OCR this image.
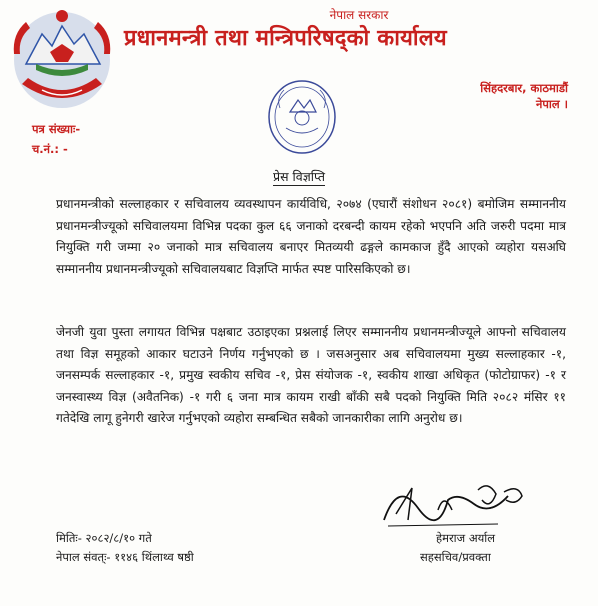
नेपाल सरकार
प्रधानमन्त्री तथा मन्त्रिपरिषद्को कार्यालय
सिंहदरबार, काठमाडौं
नेपाल ।
पत्र संख्याः-
च.नं.: -
प्रेस विज्ञप्ति
प्रधानमन्त्रीको सल्लाहकार र सचिवालय व्यवस्थापन कार्यविधि, २०७४ (एघारौं संशोधन २०८१) बमोजिम सम्माननीय प्रधानमन्त्रीज्यूको सचिवालयमा विभिन्न पदका कुल ६६ जनाको दरबन्दी कायम रहेको भएपनि अति जरुरी पदमा मात्र नियुक्ति गरी जम्मा २० जनाको मात्र सचिवालय बनाएर मितव्ययी ढङ्गले कामकाज हुँदै आएको व्यहोरा यसअघि सम्माननीय प्रधानमन्त्रीज्यूको सचिवालयबाट विज्ञप्ति मार्फत स्पष्ट पारिसकिएको छ।
जेनजी युवा पुस्ता लगायत विभिन्न पक्षबाट उठाइएका प्रश्नलाई लिएर सम्माननीय प्रधानमन्त्रीज्यूले आफ्नो सचिवालय तथा विज्ञ समूहको आकार घटाउने निर्णय गर्नुभएको छ । जसअनुसार अब सचिवालयमा मुख्य सल्लाहकार -१, जनसम्पर्क सल्लाहकार -१, प्रमुख स्वकीय सचिव -१, प्रेस संयोजक -१, स्वकीय शाखा अधिकृत (फोटोग्राफर) -१ र जनस्वास्थ्य विज्ञ (अवैतनिक) -१ गरी ६ जना मात्र कायम राखी बाँकी सबै पदको नियुक्ति मिति २०८२ मंसिर ११ गतेदेखि लागू हुनेगरी खारेज गर्नुभएको व्यहोरा सम्बन्धित सबैको जानकारीका लागि अनुरोध छ।
मितिः- २०८२/८/१० गते
नेपाल संवत्ः- ११४६ थिंलाथ्व षष्ठी
हेमराज अर्याल
सहसचिव/प्रवक्ता
